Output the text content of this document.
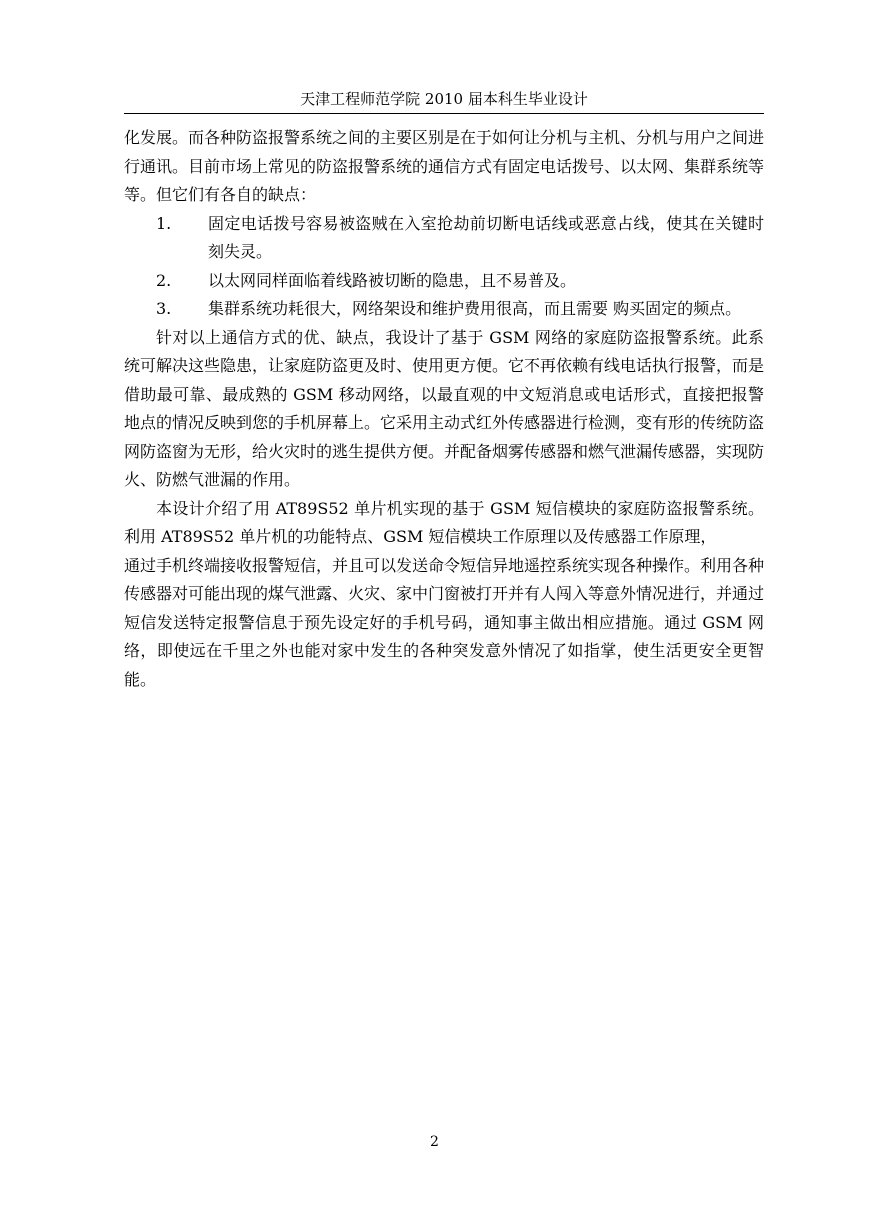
天津工程师范学院 2010 届本科生毕业设计

化发展。而各种防盗报警系统之间的主要区别是在于如何让分机与主机、分机与用户之间进行通讯。目前市场上常见的防盗报警系统的通信方式有固定电话拨号、以太网、集群系统等等。但它们有各自的缺点：

1.	固定电话拨号容易被盗贼在入室抢劫前切断电话线或恶意占线，使其在关键时刻失灵。
2.	以太网同样面临着线路被切断的隐患，且不易普及。
3.	集群系统功耗很大，网络架设和维护费用很高，而且需要 购买固定的频点。

针对以上通信方式的优、缺点，我设计了基于 GSM 网络的家庭防盗报警系统。此系统可解决这些隐患，让家庭防盗更及时、使用更方便。它不再依赖有线电话执行报警，而是借助最可靠、最成熟的 GSM 移动网络，以最直观的中文短消息或电话形式，直接把报警地点的情况反映到您的手机屏幕上。它采用主动式红外传感器进行检测，变有形的传统防盗网防盗窗为无形，给火灾时的逃生提供方便。并配备烟雾传感器和燃气泄漏传感器，实现防火、防燃气泄漏的作用。

本设计介绍了用 AT89S52 单片机实现的基于 GSM 短信模块的家庭防盗报警系统。利用 AT89S52 单片机的功能特点、GSM 短信模块工作原理以及传感器工作原理，

通过手机终端接收报警短信，并且可以发送命令短信异地遥控系统实现各种操作。利用各种传感器对可能出现的煤气泄露、火灾、家中门窗被打开并有人闯入等意外情况进行，并通过短信发送特定报警信息于预先设定好的手机号码，通知事主做出相应措施。通过 GSM 网络，即使远在千里之外也能对家中发生的各种突发意外情况了如指掌，使生活更安全更智能。

2
